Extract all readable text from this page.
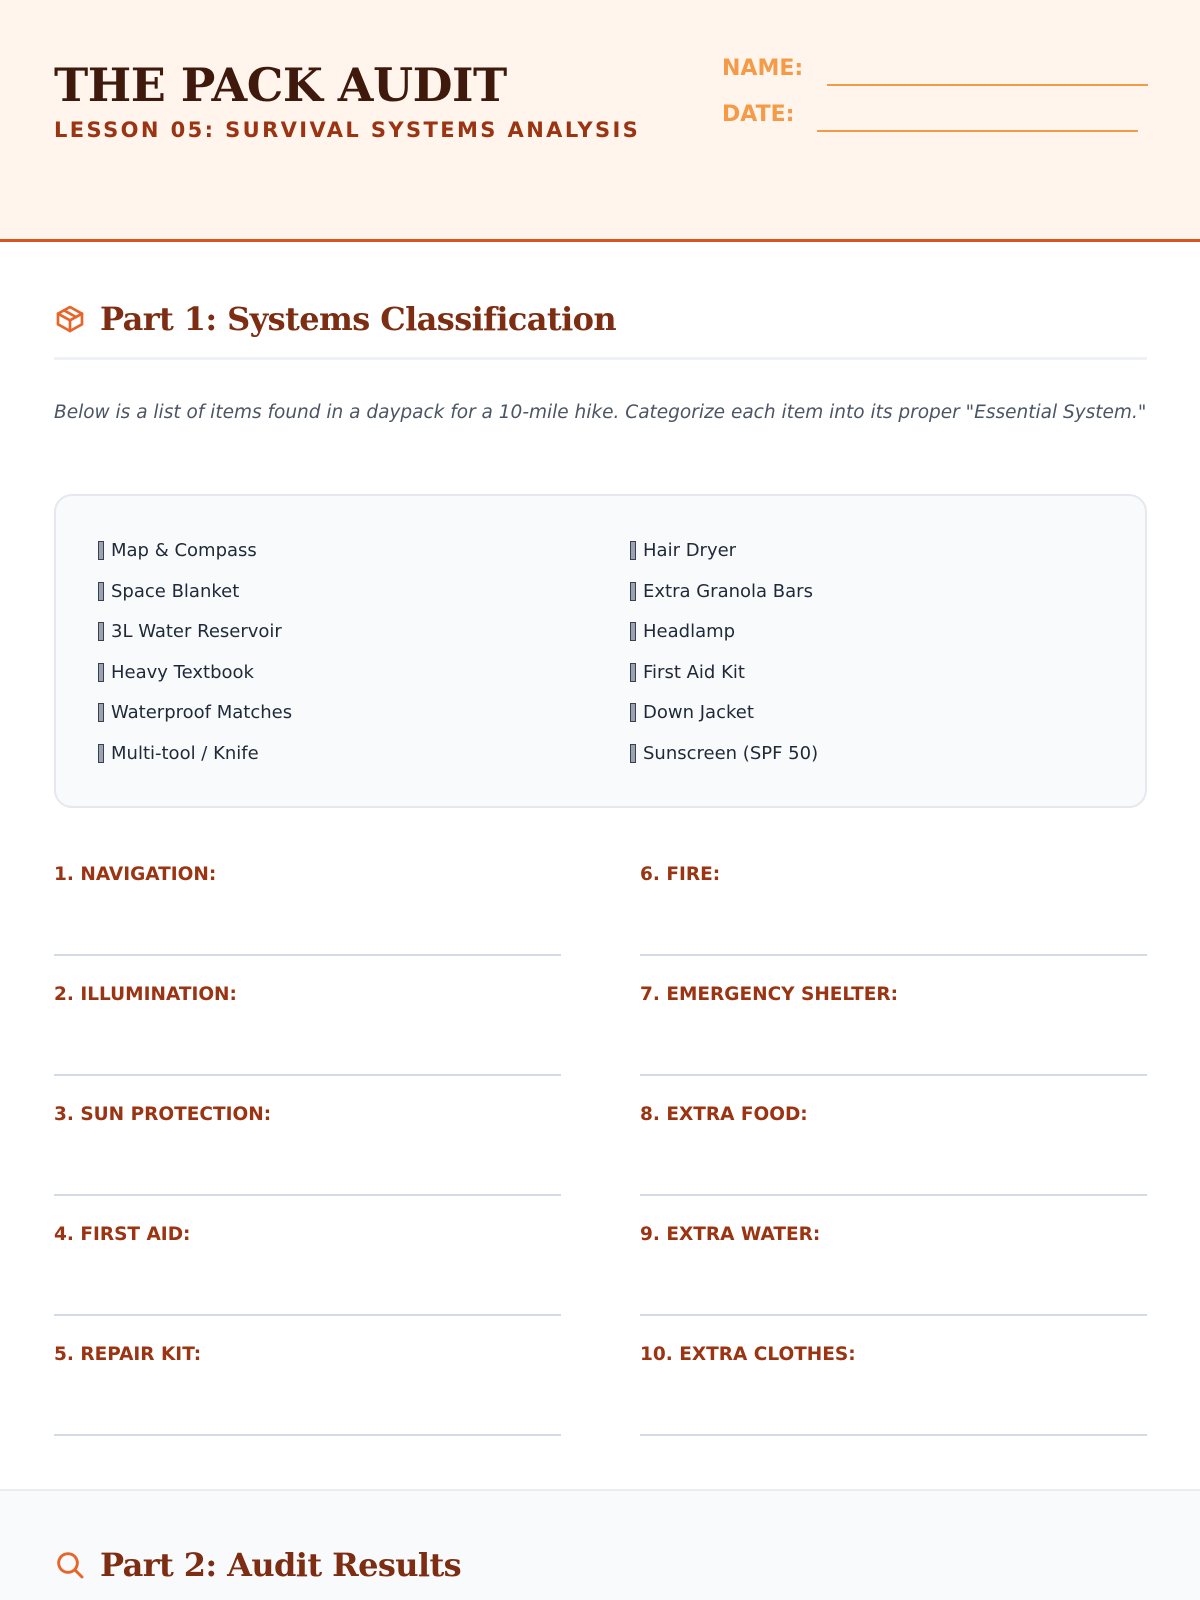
THE PACK AUDIT
LESSON 05: SURVIVAL SYSTEMS ANALYSIS
NAME:
DATE:
Part 1: Systems Classification
Below is a list of items found in a daypack for a 10-mile hike. Categorize each item into its proper "Essential System."
Map & Compass
Space Blanket
3L Water Reservoir
Heavy Textbook
Waterproof Matches
Multi-tool / Knife
Hair Dryer
Extra Granola Bars
Headlamp
First Aid Kit
Down Jacket
Sunscreen (SPF 50)
1. NAVIGATION:
2. ILLUMINATION:
3. SUN PROTECTION:
4. FIRST AID:
5. REPAIR KIT:
6. FIRE:
7. EMERGENCY SHELTER:
8. EXTRA FOOD:
9. EXTRA WATER:
10. EXTRA CLOTHES:
Part 2: Audit Results
